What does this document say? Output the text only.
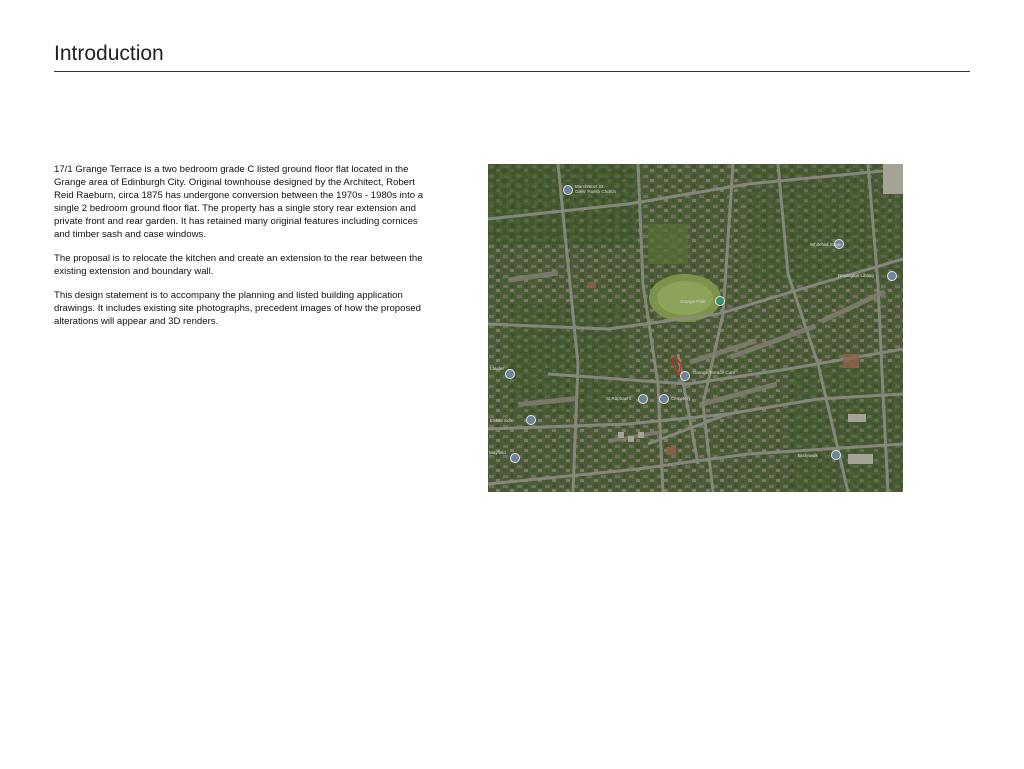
Introduction

17/1 Grange Terrace is a two bedroom grade C listed ground floor flat located in the Grange area of Edinburgh City. Original townhouse designed by the Architect, Robert Reid Raeburn, circa 1875 has undergone conversion between the 1970s - 1980s into a single 2 bedroom ground floor flat. The property has a single story rear extension and private front and rear garden. It has retained many original features including cornices and timber sash and case windows.

The proposal is to relocate the kitchen and create an extension to the rear between the existing extension and boundary wall.

This design statement is to accompany the planning and listed building application drawings. It includes existing site photographs, precedent images of how the proposed alterations will appear and 3D renders.

Marchmont St
Giles' Parish Church
Whitehall Stage
Newington Library
Grange Park
Lauder
St Raphael's	Cemetery
Grange Terrace Care
ESMS Sch
Mayfield
Bodywork
